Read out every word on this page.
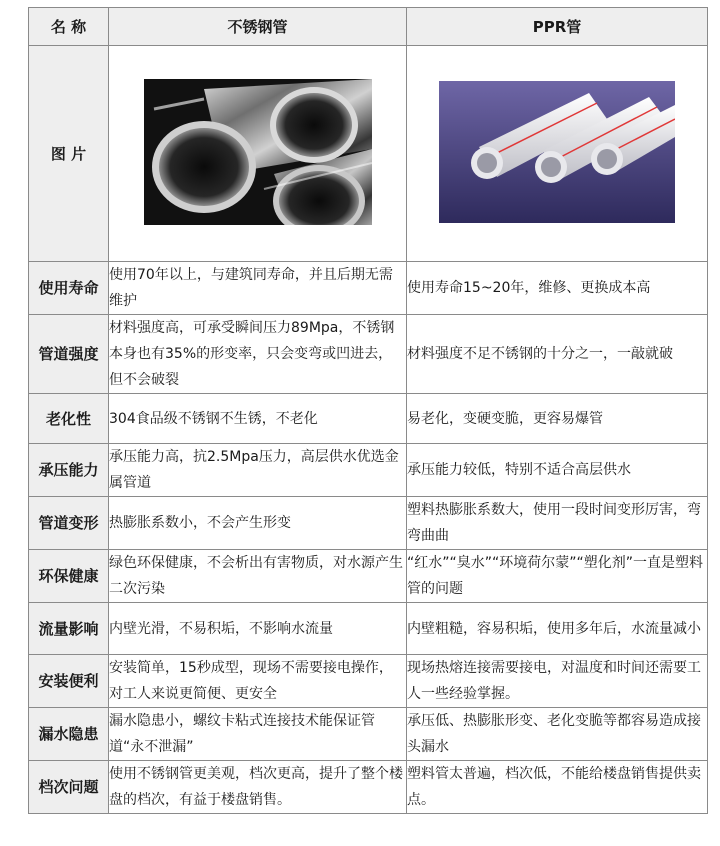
名 称	不锈钢管	PPR管
图 片		
使用寿命	使用70年以上，与建筑同寿命，并且后期无需维护	使用寿命15~20年，维修、更换成本高
管道强度	材料强度高，可承受瞬间压力89Mpa，不锈钢本身也有35%的形变率，只会变弯或凹进去，但不会破裂	材料强度不足不锈钢的十分之一，一敲就破
老化性	304食品级不锈钢不生锈，不老化	易老化，变硬变脆，更容易爆管
承压能力	承压能力高，抗2.5Mpa压力，高层供水优选金属管道	承压能力较低，特别不适合高层供水
管道变形	热膨胀系数小，不会产生形变	塑料热膨胀系数大，使用一段时间变形厉害，弯弯曲曲
环保健康	绿色环保健康，不会析出有害物质，对水源产生二次污染	“红水”“臭水”“环境荷尔蒙”“塑化剂”一直是塑料管的问题
流量影响	内壁光滑，不易积垢，不影响水流量	内壁粗糙，容易积垢，使用多年后，水流量减小
安装便利	安装简单，15秒成型，现场不需要接电操作，对工人来说更简便、更安全	现场热熔连接需要接电，对温度和时间还需要工人一些经验掌握。
漏水隐患	漏水隐患小，螺纹卡粘式连接技术能保证管道“永不泄漏”	承压低、热膨胀形变、老化变脆等都容易造成接头漏水
档次问题	使用不锈钢管更美观，档次更高，提升了整个楼盘的档次，有益于楼盘销售。	塑料管太普遍，档次低，不能给楼盘销售提供卖点。
